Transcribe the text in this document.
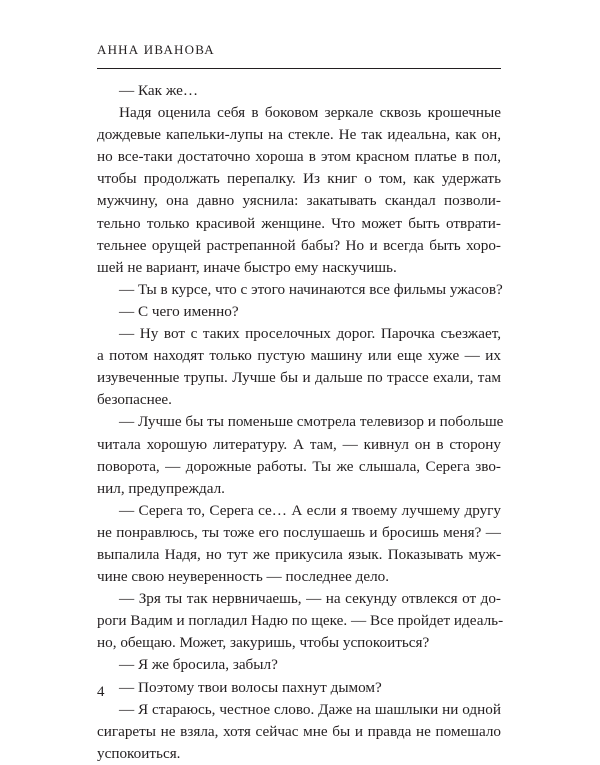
АННА ИВАНОВА
— Как же…
Надя оценила себя в боковом зеркале сквозь крошечные
дождевые капельки-лупы на стекле. Не так идеальна, как он,
но все-таки достаточно хороша в этом красном платье в пол,
чтобы продолжать перепалку. Из книг о том, как удержать
мужчину, она давно уяснила: закатывать скандал позволи-
тельно только красивой женщине. Что может быть отврати-
тельнее орущей растрепанной бабы? Но и всегда быть хоро-
шей не вариант, иначе быстро ему наскучишь.
— Ты в курсе, что с этого начинаются все фильмы ужасов?
— С чего именно?
— Ну вот с таких проселочных дорог. Парочка съезжает,
а потом находят только пустую машину или еще хуже — их
изувеченные трупы. Лучше бы и дальше по трассе ехали, там
безопаснее.
— Лучше бы ты поменьше смотрела телевизор и побольше
читала хорошую литературу. А там, — кивнул он в сторону
поворота, — дорожные работы. Ты же слышала, Серега зво-
нил, предупреждал.
— Серега то, Серега се… А если я твоему лучшему другу
не понравлюсь, ты тоже его послушаешь и бросишь меня? —
выпалила Надя, но тут же прикусила язык. Показывать муж-
чине свою неуверенность — последнее дело.
— Зря ты так нервничаешь, — на секунду отвлекся от до-
роги Вадим и погладил Надю по щеке. — Все пройдет идеаль-
но, обещаю. Может, закуришь, чтобы успокоиться?
— Я же бросила, забыл?
— Поэтому твои волосы пахнут дымом?
— Я стараюсь, честное слово. Даже на шашлыки ни одной
сигареты не взяла, хотя сейчас мне бы и правда не помешало
успокоиться.
4
